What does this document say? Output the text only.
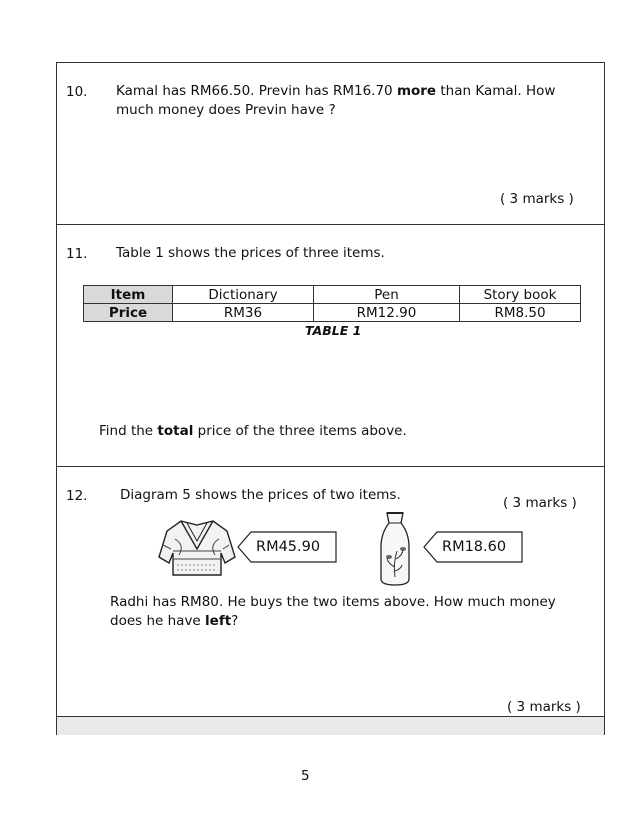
10. Kamal has RM66.50. Previn has RM16.70 more than Kamal. How
much money does Previn have ?
( 3 marks )
11. Table 1 shows the prices of three items.
Item	Dictionary	Pen	Story book
Price	RM36	RM12.90	RM8.50
TABLE 1
Find the total price of the three items above.
( 3 marks )
12. Diagram 5 shows the prices of two items.
RM45.90	RM18.60
Radhi has RM80. He buys the two items above. How much money
does he have left?
( 3 marks )
5
